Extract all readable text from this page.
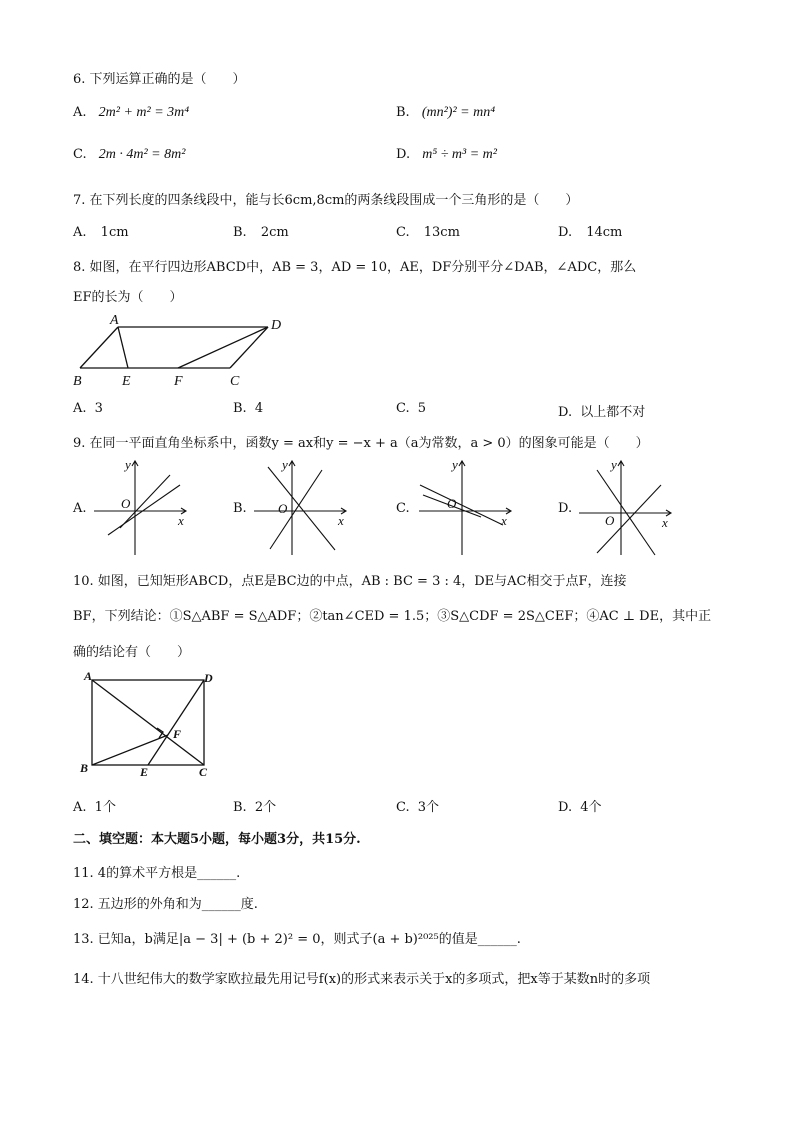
6. 下列运算正确的是（　　）
A. 2m² + m² = 3m⁴	B. (mn²)² = mn⁴
C. 2m · 4m² = 8m²	D. m⁵ ÷ m³ = m²
7. 在下列长度的四条线段中，能与长6cm,8cm的两条线段围成一个三角形的是（　　）
A. 1cm	B. 2cm	C. 13cm	D. 14cm
8. 如图，在平行四边形ABCD中，AB = 3，AD = 10，AE，DF分别平分∠DAB，∠ADC，那么
EF的长为（　　）
A	D
B	E	F	C
A. 3	B. 4	C. 5	D. 以上都不对
9. 在同一平面直角坐标系中，函数y = ax和y = −x + a（a为常数，a > 0）的图象可能是（　　）
A.
y
x
O	B.
y
x
O	C.
y
x
O	D.
y
x
O
10. 如图，已知矩形ABCD，点E是BC边的中点，AB : BC = 3 : 4，DE与AC相交于点F，连接
BF，下列结论：①S△ABF = S△ADF；②tan∠CED = 1.5；③S△CDF = 2S△CEF；④AC ⊥ DE，其中正
确的结论有（　　）
A	D
F
B	E	C
A. 1个	B. 2个	C. 3个	D. 4个
二、填空题：本大题5小题，每小题3分，共15分.
11. 4的算术平方根是______.
12. 五边形的外角和为______度.
13. 已知a，b满足|a − 3| + (b + 2)² = 0，则式子(a + b)²⁰²⁵的值是______.
14. 十八世纪伟大的数学家欧拉最先用记号f(x)的形式来表示关于x的多项式，把x等于某数n时的多项
